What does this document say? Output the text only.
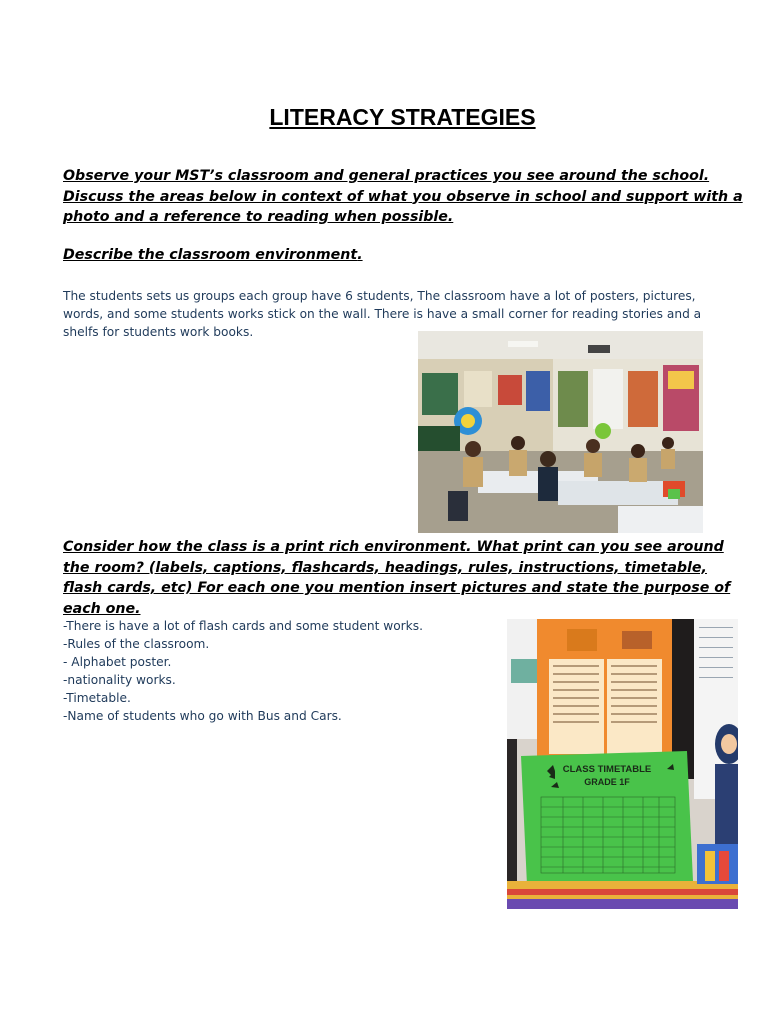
LITERACY STRATEGIES
Observe your MST’s classroom and general practices you see around the school. Discuss the areas below in context of what you observe in school and support with a photo and a reference to reading when possible.
Describe the classroom environment.
The students sets us groups each group have 6 students, The classroom have a lot of posters, pictures, words, and some students works stick on the wall. There is have a small corner for reading stories and a shelfs for students work books.
Consider how the class is a print rich environment. What print can you see around the room? (labels, captions, flashcards, headings, rules, instructions, timetable, flash cards, etc) For each one you mention insert pictures and state the purpose of each one.
-There is have a lot of flash cards and some student works.
-Rules of the classroom.
- Alphabet poster.
-nationality works.
-Timetable.
-Name of students who go with Bus and Cars.
CLASS TIMETABLE
GRADE 1F
